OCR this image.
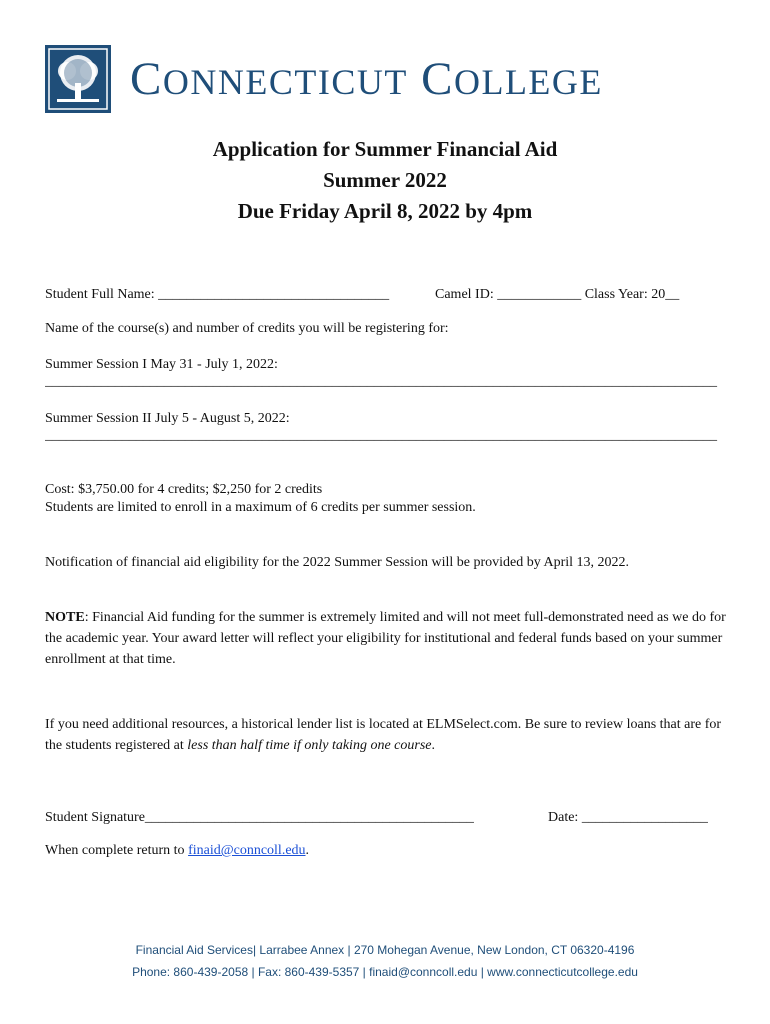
CONNECTICUT COLLEGE
Application for Summer Financial Aid
Summer 2022
Due Friday April 8, 2022 by 4pm
Student Full Name: _________________________________	Camel ID: ____________ Class Year: 20__
Name of the course(s) and number of credits you will be registering for:
Summer Session I May 31 - July 1, 2022:
________________________________________________________________________________________________
Summer Session II July 5 - August 5, 2022:
________________________________________________________________________________________________
Cost: $3,750.00 for 4 credits; $2,250 for 2 credits
Students are limited to enroll in a maximum of 6 credits per summer session.
Notification of financial aid eligibility for the 2022 Summer Session will be provided by April 13, 2022.
NOTE: Financial Aid funding for the summer is extremely limited and will not meet full-demonstrated need as we do for the academic year. Your award letter will reflect your eligibility for institutional and federal funds based on your summer enrollment at that time.
If you need additional resources, a historical lender list is located at ELMSelect.com. Be sure to review loans that are for the students registered at less than half time if only taking one course.
Student Signature_______________________________________________	Date: __________________
When complete return to finaid@conncoll.edu.
Financial Aid Services| Larrabee Annex | 270 Mohegan Avenue, New London, CT 06320-4196
Phone: 860-439-2058 | Fax: 860-439-5357 | finaid@conncoll.edu | www.connecticutcollege.edu
